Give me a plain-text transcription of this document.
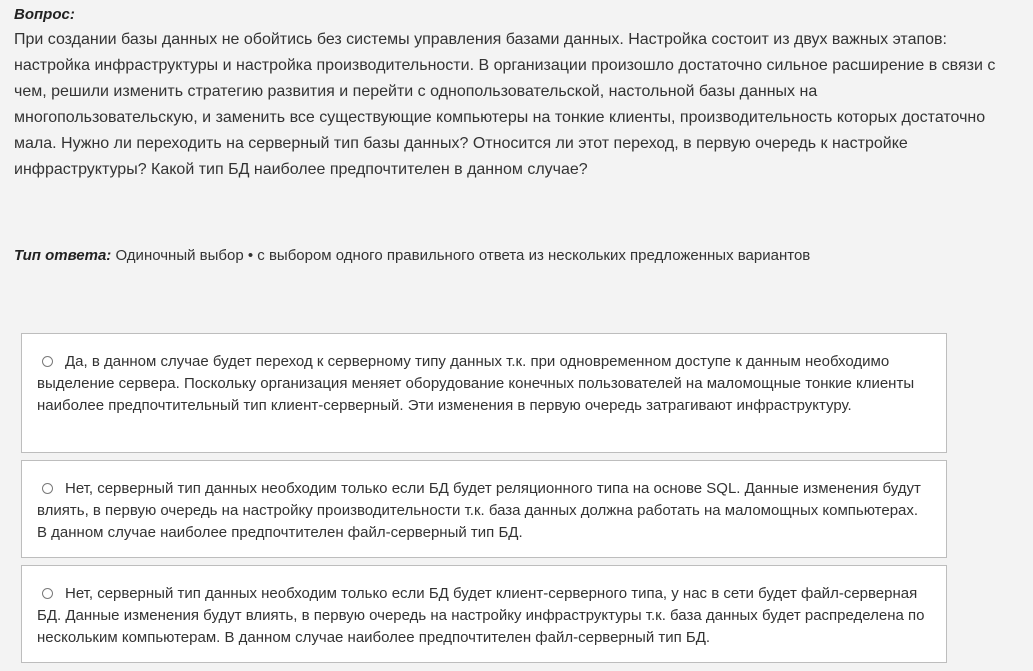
Вопрос:
При создании базы данных не обойтись без системы управления базами данных. Настройка состоит из двух важных этапов: настройка инфраструктуры и настройка производительности. В организации произошло достаточно сильное расширение в связи с чем, решили изменить стратегию развития и перейти с однопользовательской, настольной базы данных на многопользовательскую, и заменить все существующие компьютеры на тонкие клиенты, производительность которых достаточно мала. Нужно ли переходить на серверный тип базы данных? Относится ли этот переход, в первую очередь к настройке инфраструктуры? Какой тип БД наиболее предпочтителен в данном случае?
Тип ответа: Одиночный выбор • с выбором одного правильного ответа из нескольких предложенных вариантов
Да, в данном случае будет переход к серверному типу данных т.к. при одновременном доступе к данным необходимо выделение сервера. Поскольку организация меняет оборудование конечных пользователей на маломощные тонкие клиенты наиболее предпочтительный тип клиент-серверный. Эти изменения в первую очередь затрагивают инфраструктуру.
Нет, серверный тип данных необходим только если БД будет реляционного типа на основе SQL. Данные изменения будут влиять, в первую очередь на настройку производительности т.к. база данных должна работать на маломощных компьютерах. В данном случае наиболее предпочтителен файл-серверный тип БД.
Нет, серверный тип данных необходим только если БД будет клиент-серверного типа, у нас в сети будет файл-серверная БД. Данные изменения будут влиять, в первую очередь на настройку инфраструктуры т.к. база данных будет распределена по нескольким компьютерам. В данном случае наиболее предпочтителен файл-серверный тип БД.
